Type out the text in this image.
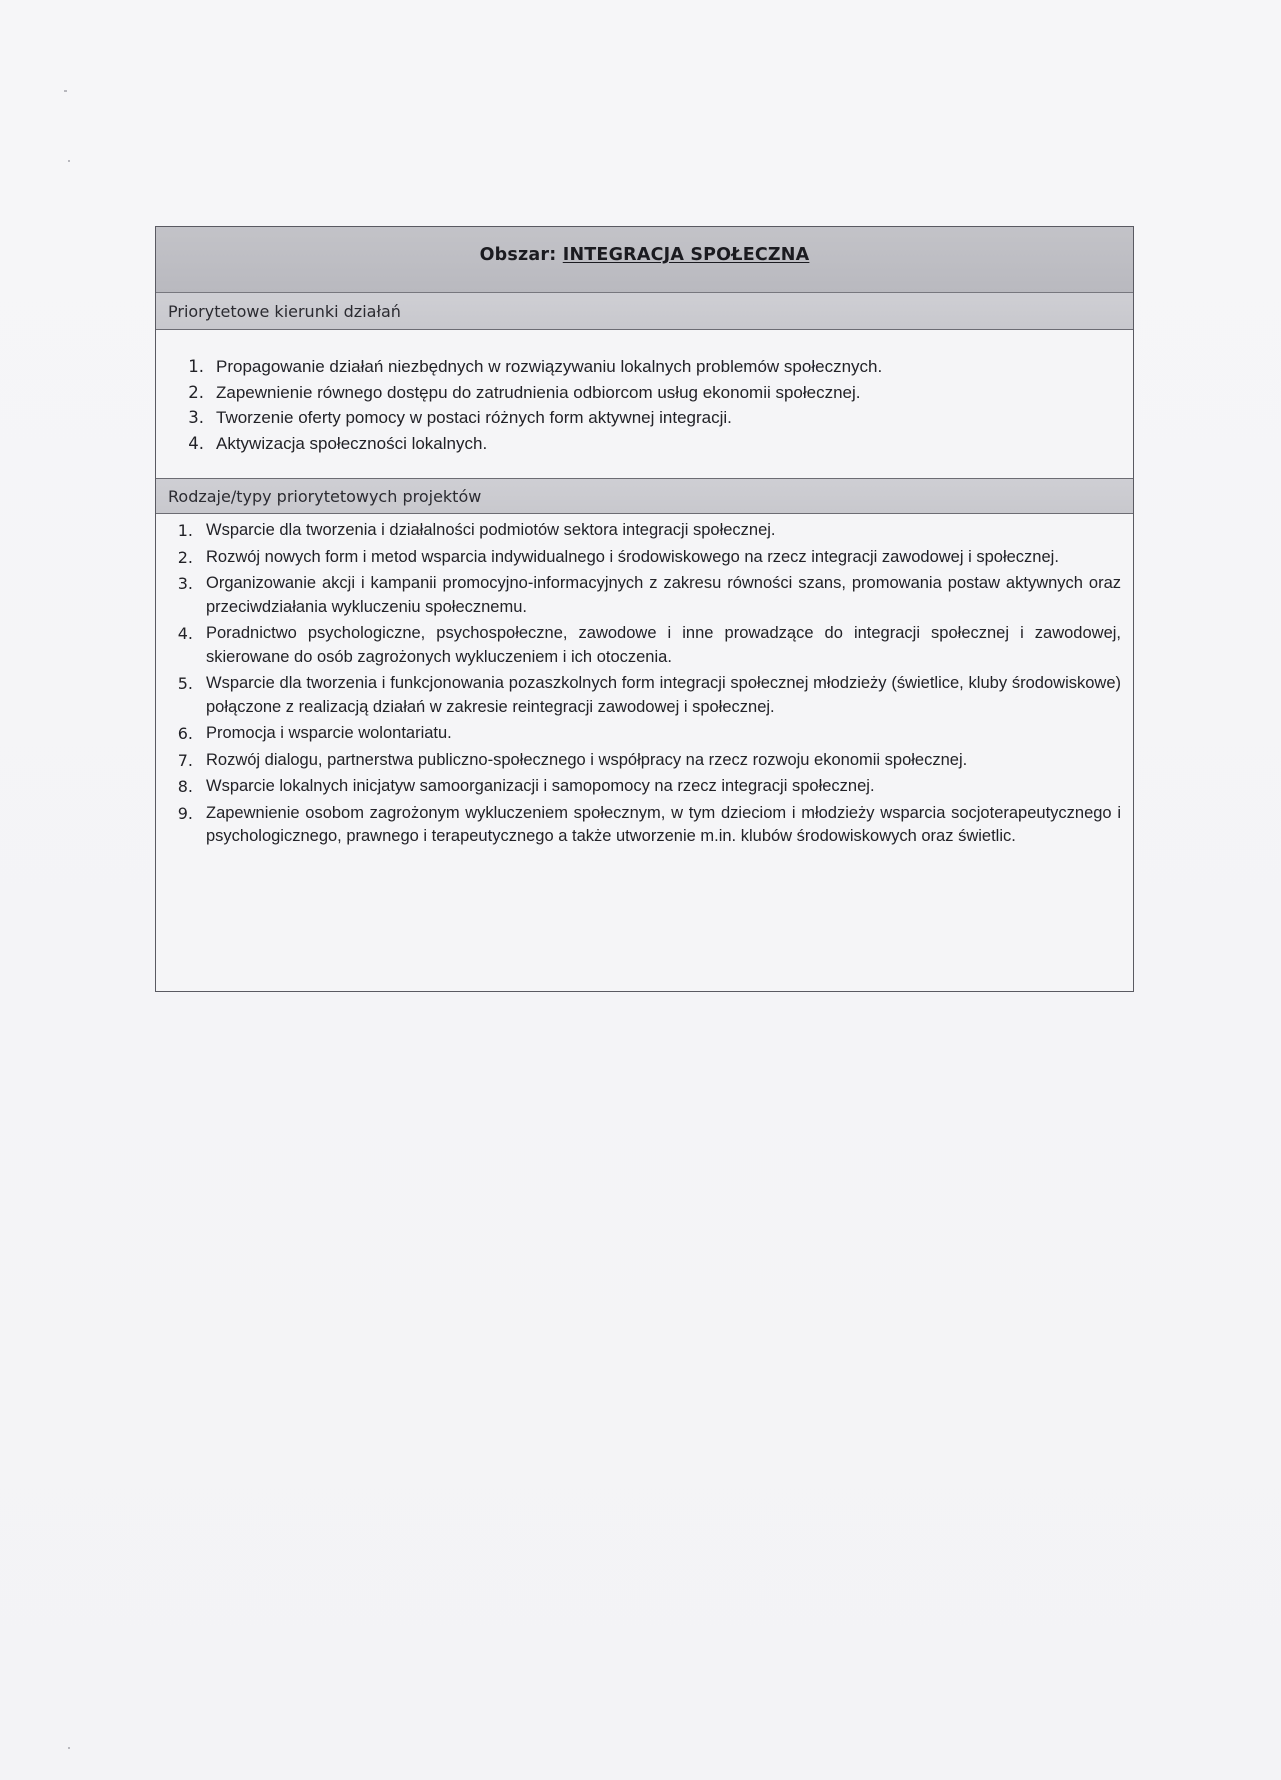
Obszar: INTEGRACJA SPOŁECZNA
Priorytetowe kierunki działań
1. Propagowanie działań niezbędnych w rozwiązywaniu lokalnych problemów społecznych.
2. Zapewnienie równego dostępu do zatrudnienia odbiorcom usług ekonomii społecznej.
3. Tworzenie oferty pomocy w postaci różnych form aktywnej integracji.
4. Aktywizacja społeczności lokalnych.
Rodzaje/typy priorytetowych projektów
1. Wsparcie dla tworzenia i działalności podmiotów sektora integracji społecznej.
2. Rozwój nowych form i metod wsparcia indywidualnego i środowiskowego na rzecz integracji zawodowej i społecznej.
3. Organizowanie akcji i kampanii promocyjno-informacyjnych z zakresu równości szans, promowania postaw aktywnych oraz przeciwdziałania wykluczeniu społecznemu.
4. Poradnictwo psychologiczne, psychospołeczne, zawodowe i inne prowadzące do integracji społecznej i zawodowej, skierowane do osób zagrożonych wykluczeniem i ich otoczenia.
5. Wsparcie dla tworzenia i funkcjonowania pozaszkolnych form integracji społecznej młodzieży (świetlice, kluby środowiskowe) połączone z realizacją działań w zakresie reintegracji zawodowej i społecznej.
6. Promocja i wsparcie wolontariatu.
7. Rozwój dialogu, partnerstwa publiczno-społecznego i współpracy na rzecz rozwoju ekonomii społecznej.
8. Wsparcie lokalnych inicjatyw samoorganizacji i samopomocy na rzecz integracji społecznej.
9. Zapewnienie osobom zagrożonym wykluczeniem społecznym, w tym dzieciom i młodzieży wsparcia socjoterapeutycznego i psychologicznego, prawnego i terapeutycznego a także utworzenie m.in. klubów środowiskowych oraz świetlic.
